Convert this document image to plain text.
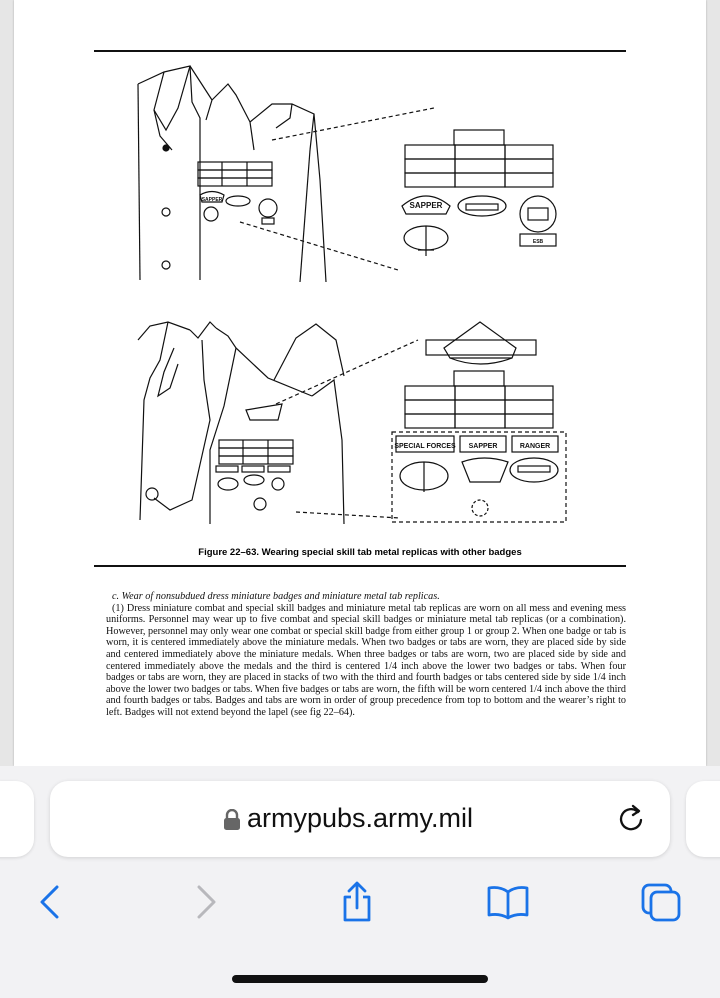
SAPPER
SAPPER
ESB
SPECIAL FORCES SAPPER	RANGER
Figure 22–63. Wearing special skill tab metal replicas with other badges

c. Wear of nonsubdued dress miniature badges and miniature metal tab replicas.

(1) Dress miniature combat and special skill badges and miniature metal tab replicas are worn on all mess and evening mess uniforms. Personnel may wear up to five combat and special skill badges or miniature metal tab replicas (or a combination). However, personnel may only wear one combat or special skill badge from either group 1 or group 2. When one badge or tab is worn, it is centered immediately above the miniature medals. When two badges or tabs are worn, they are placed side by side and centered immediately above the miniature medals. When three badges or tabs are worn, two are placed side by side and centered immediately above the medals and the third is centered 1/4 inch above the lower two badges or tabs. When four badges or tabs are worn, they are placed in stacks of two with the third and fourth badges or tabs centered side by side 1/4 inch above the lower two badges or tabs. When five badges or tabs are worn, the fifth will be worn centered 1/4 inch above the third and fourth badges or tabs. Badges and tabs are worn in order of group precedence from top to bottom and the wearer’s right to left. Badges will not extend beyond the lapel (see fig 22–64).

armypubs.army.mil
